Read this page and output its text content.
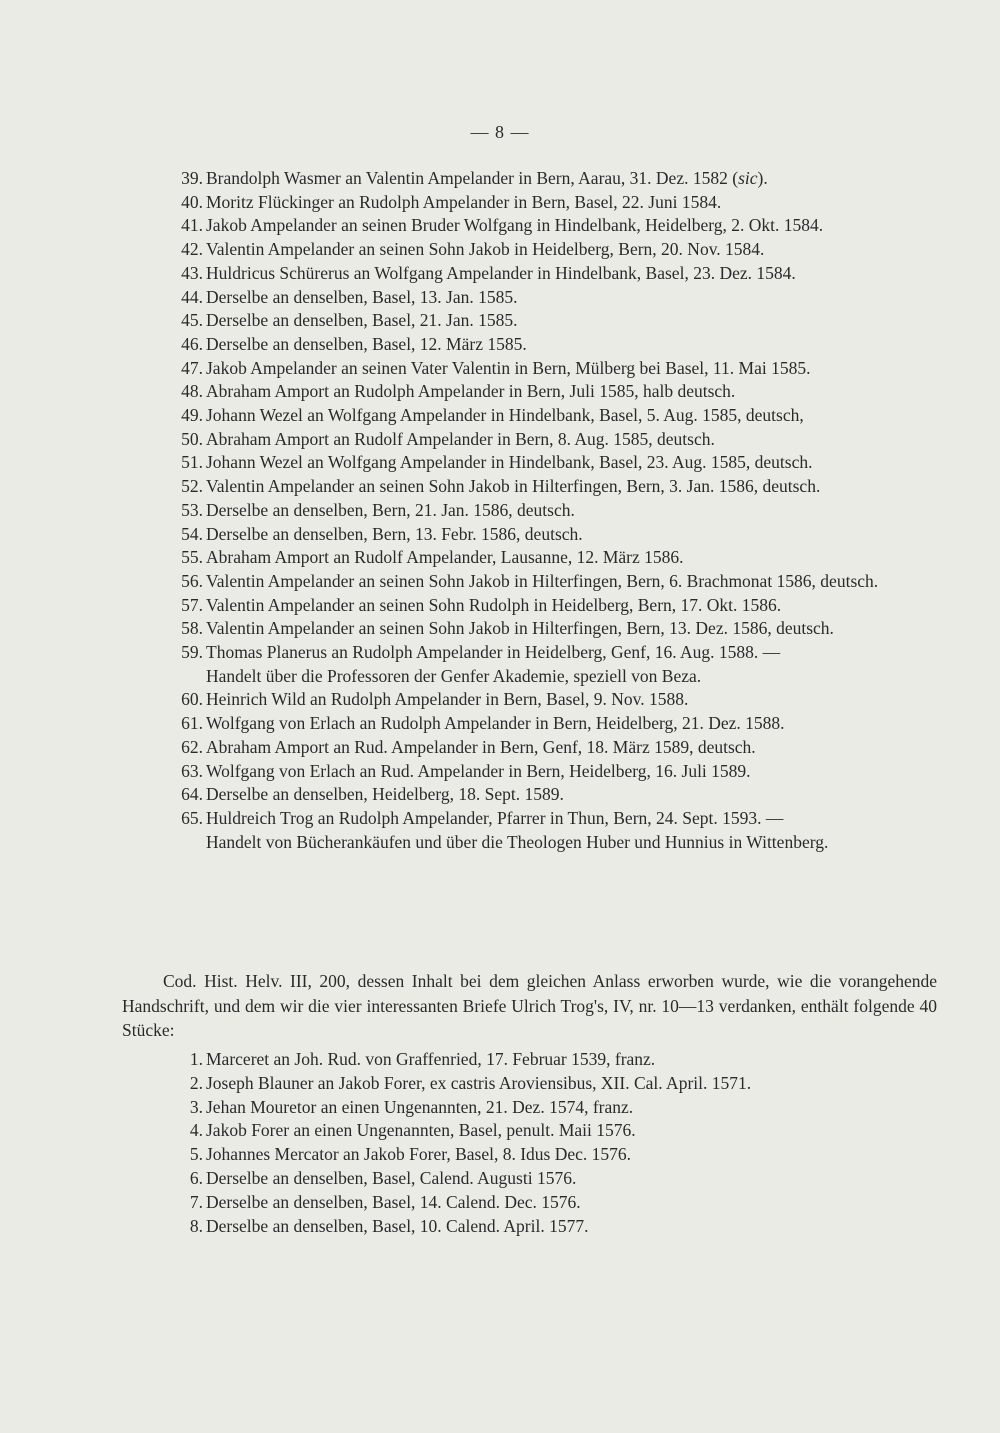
— 8 —
39. Brandolph Wasmer an Valentin Ampelander in Bern, Aarau, 31. Dez. 1582 (sic).

40. Moritz Flückinger an Rudolph Ampelander in Bern, Basel, 22. Juni 1584.

41. Jakob Ampelander an seinen Bruder Wolfgang in Hindelbank, Heidelberg, 2. Okt. 1584.

42. Valentin Ampelander an seinen Sohn Jakob in Heidelberg, Bern, 20. Nov. 1584.

43. Huldricus Schürerus an Wolfgang Ampelander in Hindelbank, Basel, 23. Dez. 1584.

44. Derselbe an denselben, Basel, 13. Jan. 1585.

45. Derselbe an denselben, Basel, 21. Jan. 1585.

46. Derselbe an denselben, Basel, 12. März 1585.

47. Jakob Ampelander an seinen Vater Valentin in Bern, Mülberg bei Basel, 11. Mai 1585.

48. Abraham Amport an Rudolph Ampelander in Bern, Juli 1585, halb deutsch.

49. Johann Wezel an Wolfgang Ampelander in Hindelbank, Basel, 5. Aug. 1585, deutsch,

50. Abraham Amport an Rudolf Ampelander in Bern, 8. Aug. 1585, deutsch.

51. Johann Wezel an Wolfgang Ampelander in Hindelbank, Basel, 23. Aug. 1585, deutsch.

52. Valentin Ampelander an seinen Sohn Jakob in Hilterfingen, Bern, 3. Jan. 1586, deutsch.

53. Derselbe an denselben, Bern, 21. Jan. 1586, deutsch.

54. Derselbe an denselben, Bern, 13. Febr. 1586, deutsch.

55. Abraham Amport an Rudolf Ampelander, Lausanne, 12. März 1586.

56. Valentin Ampelander an seinen Sohn Jakob in Hilterfingen, Bern, 6. Brachmonat 1586, deutsch.

57. Valentin Ampelander an seinen Sohn Rudolph in Heidelberg, Bern, 17. Okt. 1586.

58. Valentin Ampelander an seinen Sohn Jakob in Hilterfingen, Bern, 13. Dez. 1586, deutsch.

59. Thomas Planerus an Rudolph Ampelander in Heidelberg, Genf, 16. Aug. 1588. —

Handelt über die Professoren der Genfer Akademie, speziell von Beza.

60. Heinrich Wild an Rudolph Ampelander in Bern, Basel, 9. Nov. 1588.

61. Wolfgang von Erlach an Rudolph Ampelander in Bern, Heidelberg, 21. Dez. 1588.

62. Abraham Amport an Rud. Ampelander in Bern, Genf, 18. März 1589, deutsch.

63. Wolfgang von Erlach an Rud. Ampelander in Bern, Heidelberg, 16. Juli 1589.

64. Derselbe an denselben, Heidelberg, 18. Sept. 1589.

65. Huldreich Trog an Rudolph Ampelander, Pfarrer in Thun, Bern, 24. Sept. 1593. —

Handelt von Bücherankäufen und über die Theologen Huber und Hunnius in Wittenberg.

Cod. Hist. Helv. III, 200, dessen Inhalt bei dem gleichen Anlass erworben wurde, wie die vorangehende Handschrift, und dem wir die vier interessanten Briefe Ulrich Trog's, IV, nr. 10—13 verdanken, enthält folgende 40 Stücke:

1. Marceret an Joh. Rud. von Graffenried, 17. Februar 1539, franz.
2. Joseph Blauner an Jakob Forer, ex castris Aroviensibus, XII. Cal. April. 1571.
3. Jehan Mouretor an einen Ungenannten, 21. Dez. 1574, franz.
4. Jakob Forer an einen Ungenannten, Basel, penult. Maii 1576.
5. Johannes Mercator an Jakob Forer, Basel, 8. Idus Dec. 1576.
6. Derselbe an denselben, Basel, Calend. Augusti 1576.
7. Derselbe an denselben, Basel, 14. Calend. Dec. 1576.
8. Derselbe an denselben, Basel, 10. Calend. April. 1577.
